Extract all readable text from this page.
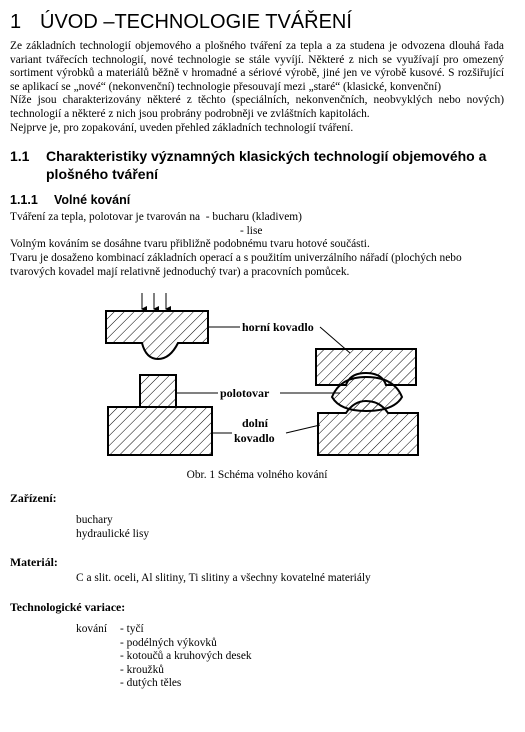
1 ÚVOD –TECHNOLOGIE TVÁŘENÍ

Ze základních technologií objemového a plošného tváření za tepla a za studena je odvozena dlouhá řada variant tvářecích technologií, nové technologie se stále vyvíjí. Některé z nich se využívají pro omezený sortiment výrobků a materiálů běžně v hromadné a sériové výrobě, jiné jen ve výrobě kusové. S rozšiřující se aplikací se „nové“ (nekonvenční) technologie přesouvají mezi „staré“ (klasické, konvenční)

Níže jsou charakterizovány některé z těchto (speciálních, nekonvenčních, neobvyklých nebo nových) technologií a některé z nich jsou probrány podrobněji ve zvláštních kapitolách.

Nejprve je, pro zopakování, uveden přehled základních technologií tváření.

1.1 Charakteristiky významných klasických technologií objemového a
plošného tváření
1.1.1 Volné kování
Tváření za tepla, polotovar je tvarován na  - bucharu (kladivem)
- lise

Volným kováním se dosáhne tvaru přibližně podobnému tvaru hotové součásti.

Tvaru je dosaženo kombinací základních operací a s použitím univerzálního nářadí (plochých nebo tvarových kovadel mají relativně jednoduchý tvar) a pracovních pomůcek.

horní kovadlo
polotovar
dolní
kovadlo
Obr. 1 Schéma volného kování
Zařízení:
buchary
hydraulické lisy
Materiál:
C a slit. oceli, Al slitiny, Ti slitiny a všechny kovatelné materiály
Technologické variace:
kování	- tyčí
- podélných výkovků
- kotoučů a kruhových desek
- kroužků
- dutých těles
